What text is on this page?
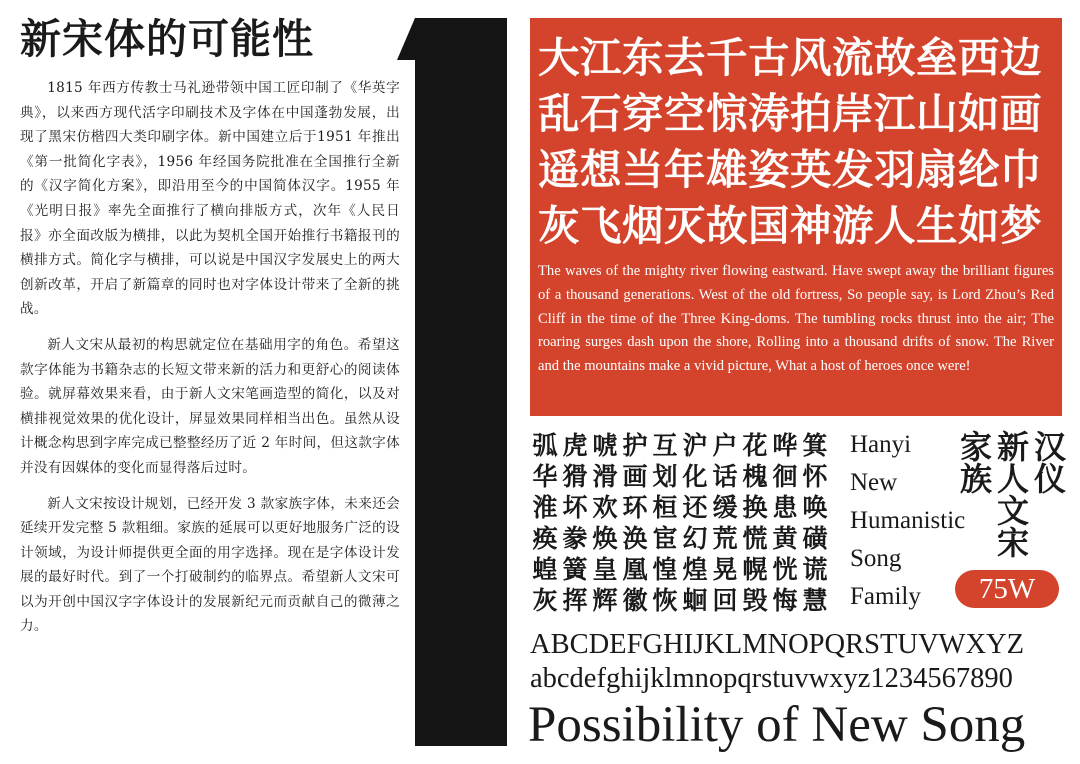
新宋体的可能性

1815 年西方传教士马礼逊带领中国工匠印制了《华英字典》，以来西方现代活字印刷技术及字体在中国蓬勃发展，出现了黑宋仿楷四大类印刷字体。新中国建立后于1951 年推出《第一批简化字表》，1956 年经国务院批准在全国推行全新的《汉字简化方案》，即沿用至今的中国简体汉字。1955 年《光明日报》率先全面推行了横向排版方式，次年《人民日报》亦全面改版为横排，以此为契机全国开始推行书籍报刊的横排方式。简化字与横排，可以说是中国汉字发展史上的两大创新改革，开启了新篇章的同时也对字体设计带来了全新的挑战。

新人文宋从最初的构思就定位在基础用字的角色。希望这款字体能为书籍杂志的长短文带来新的活力和更舒心的阅读体验。就屏幕效果来看，由于新人文宋笔画造型的简化，以及对横排视觉效果的优化设计，屏显效果同样相当出色。虽然从设计概念构思到字库完成已整整经历了近 2 年时间，但这款字体并没有因媒体的变化而显得落后过时。

新人文宋按设计规划，已经开发 3 款家族字体，未来还会延续开发完整 5 款粗细。家族的延展可以更好地服务广泛的设计领域，为设计师提供更全面的用字选择。现在是字体设计发展的最好时代。到了一个打破制约的临界点。希望新人文宋可以为开创中国汉字字体设计的发展新纪元而贡献自己的微薄之力。

大江东去千古风流故垒西边
乱石穿空惊涛拍岸江山如画
遥想当年雄姿英发羽扇纶巾
灰飞烟灭故国神游人生如梦
The waves of the mighty river flowing eastward. Have swept away the brilliant figures of a thousand generations. West of the old fortress, So people say, is Lord Zhou’s Red Cliff in the time of the Three King-doms. The tumbling rocks thrust into the air; The roaring surges dash upon the shore, Rolling into a thousand drifts of snow. The River and the mountains make a vivid picture, What a host of heroes once were!
弧 虎 唬 护 互 沪 户 花 哗 箕
华 猾 滑 画 划 化 话 槐 徊 怀
淮 坏 欢 环 桓 还 缓 换 患 唤
痪 豢 焕 涣 宦 幻 荒 慌 黄 磺
蝗 簧 皇 凰 惶 煌 晃 幌 恍 谎
灰 挥 辉 徽 恢 蛔 回 毁 悔 慧
Hanyi
New
Humanistic
Song
Family
汉仪
新人文宋
家族
75W
ABCDEFGHIJKLMNOPQRSTUVWXYZ
abcdefghijklmnopqrstuvwxyz1234567890
Possibility of New Song
